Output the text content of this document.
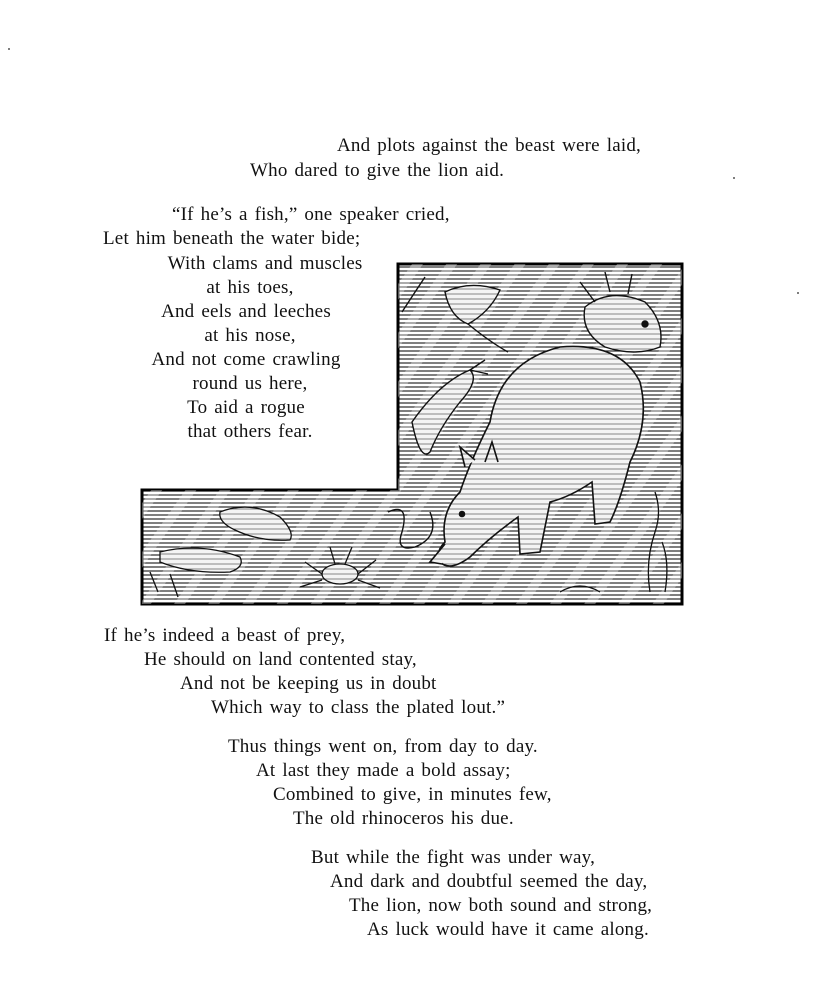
And plots against the beast were laid,
Who dared to give the lion aid.
“If he’s a fish,” one speaker cried,
Let him beneath the water bide;
With clams and muscles
at his toes,
And eels and leeches
at his nose,
And not come crawling
round us here,
To aid a rogue
that others fear.
If he’s indeed a beast of prey,
He should on land contented stay,
And not be keeping us in doubt
Which way to class the plated lout.”
Thus things went on, from day to day.
At last they made a bold assay;
Combined to give, in minutes few,
The old rhinoceros his due.
But while the fight was under way,
And dark and doubtful seemed the day,
The lion, now both sound and strong,
As luck would have it came along.
